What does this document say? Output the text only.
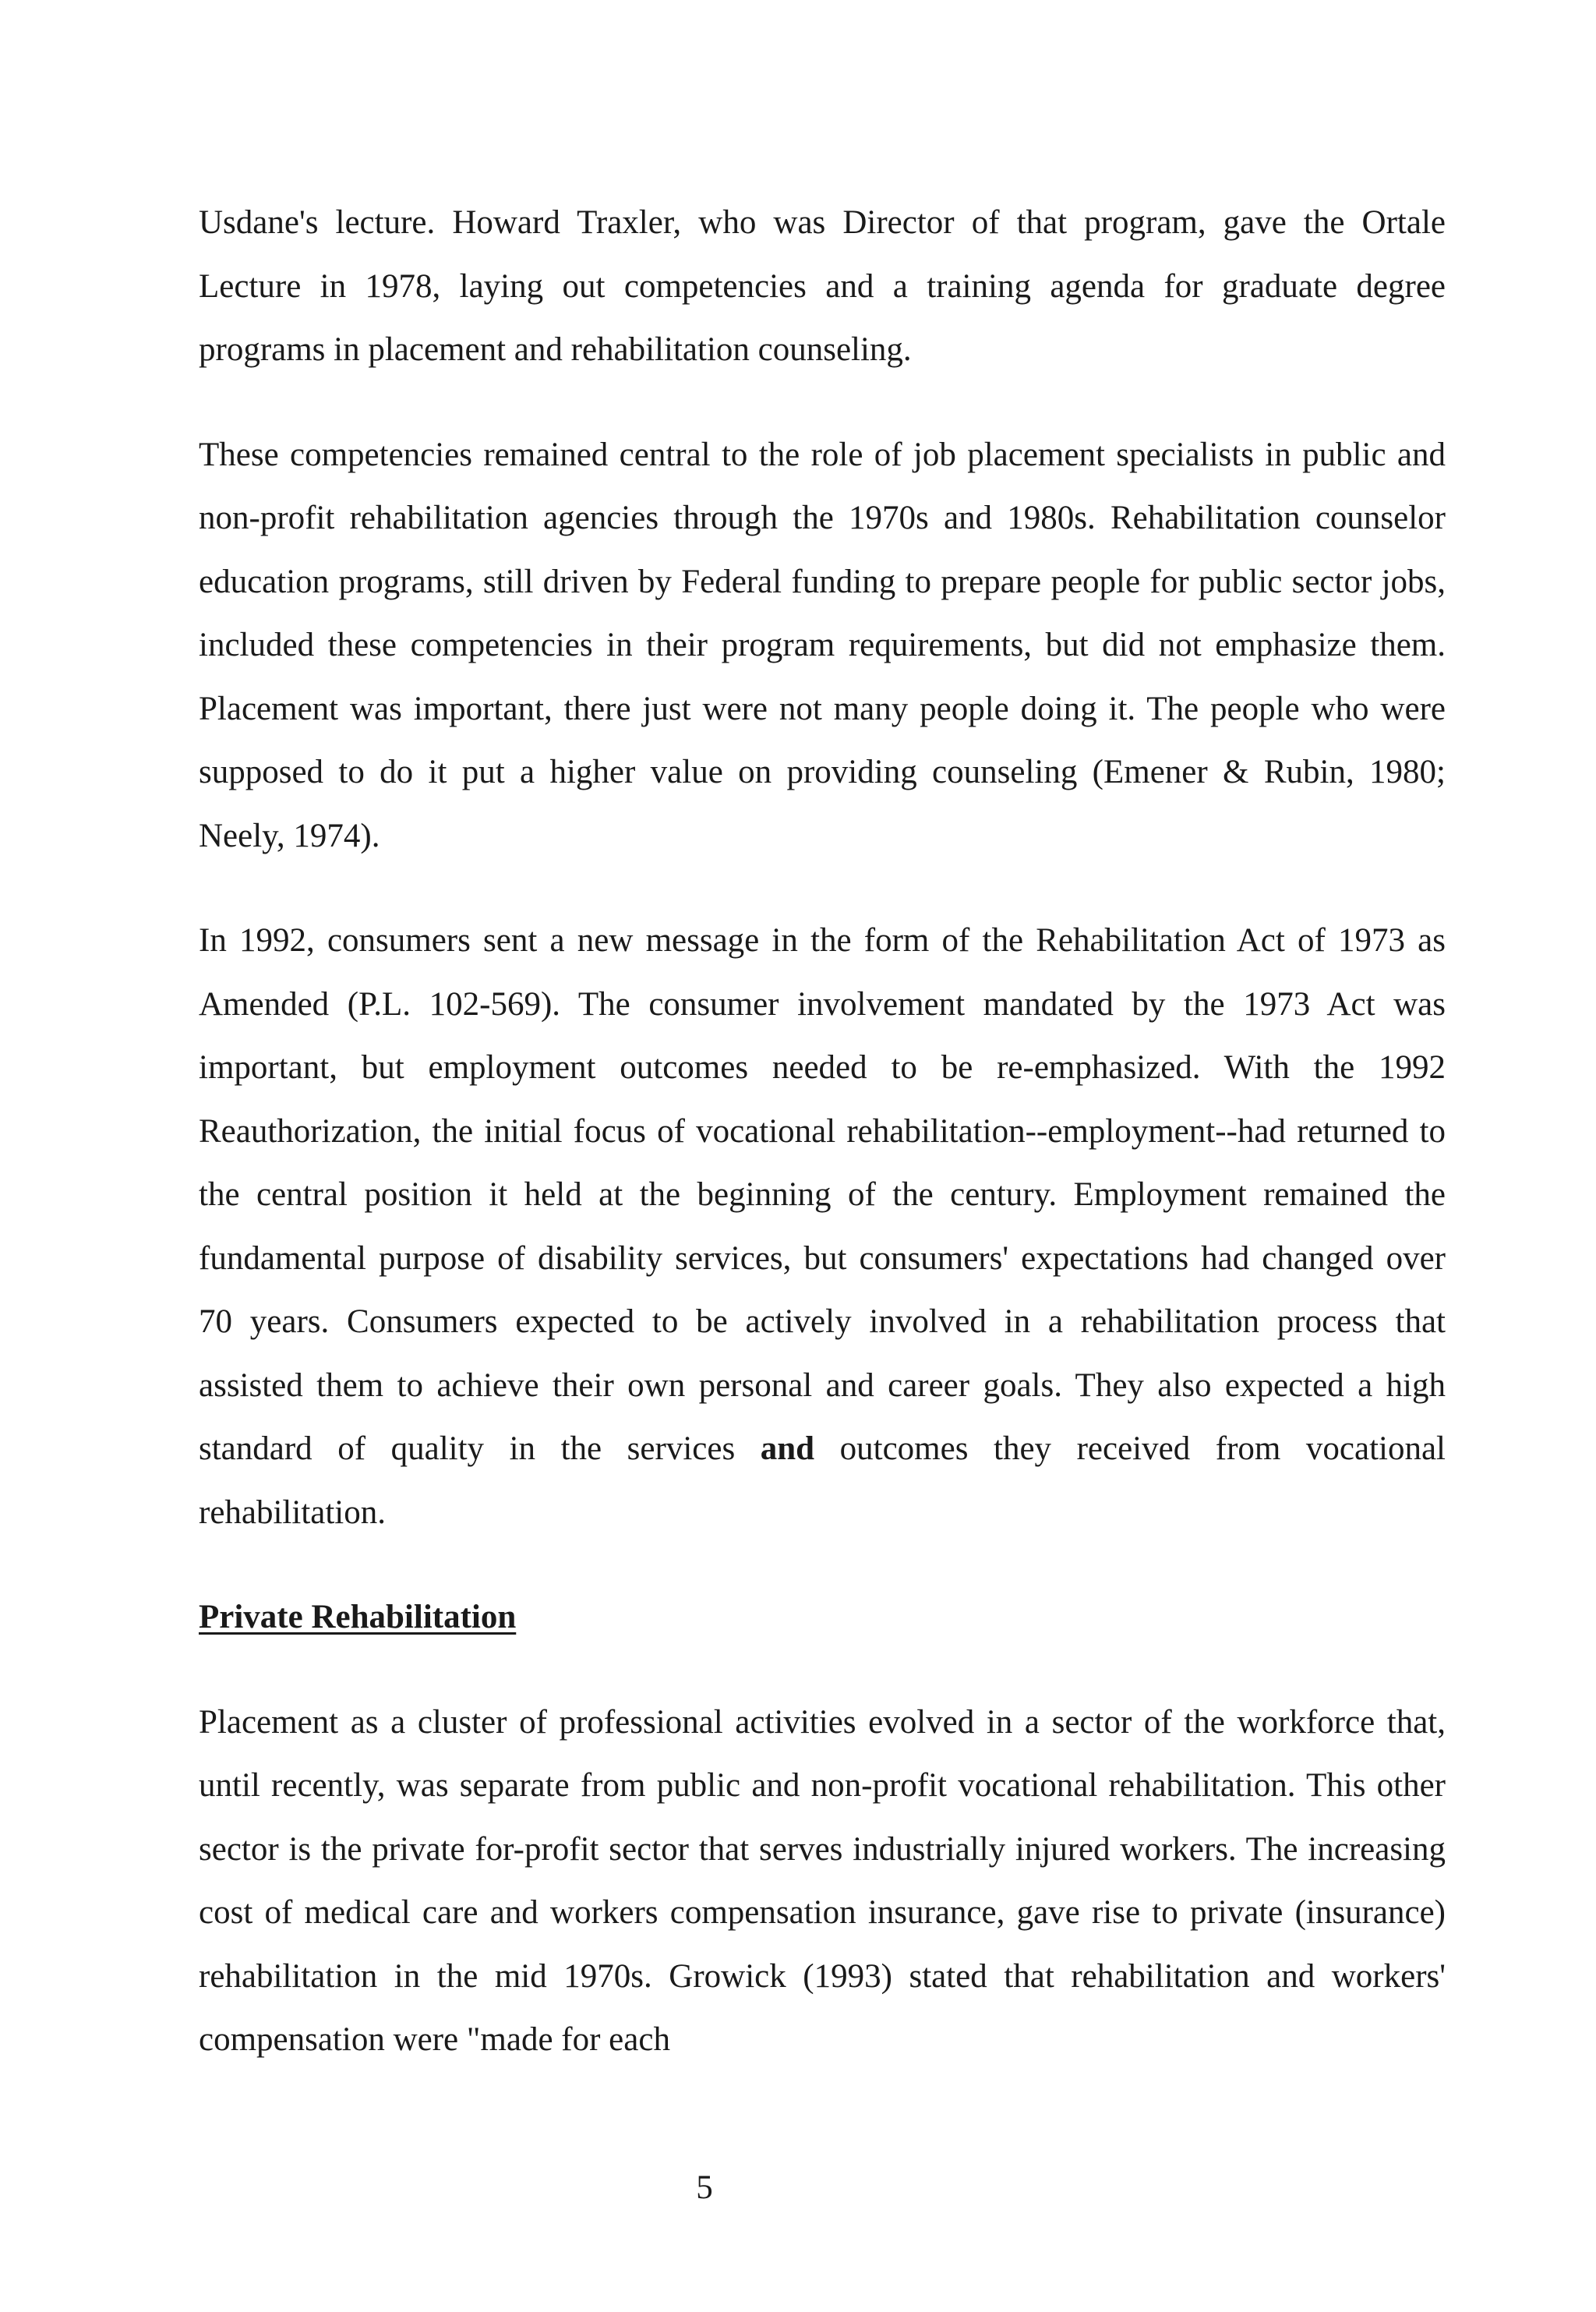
Usdane's lecture. Howard Traxler, who was Director of that program, gave the Ortale Lecture in 1978, laying out competencies and a training agenda for graduate degree programs in placement and rehabilitation counseling.

These competencies remained central to the role of job placement specialists in public and non-profit rehabilitation agencies through the 1970s and 1980s. Rehabilitation counselor education programs, still driven by Federal funding to prepare people for public sector jobs, included these competencies in their program requirements, but did not emphasize them. Placement was important, there just were not many people doing it. The people who were supposed to do it put a higher value on providing counseling (Emener & Rubin, 1980; Neely, 1974).

In 1992, consumers sent a new message in the form of the Rehabilitation Act of 1973 as Amended (P.L. 102-569). The consumer involvement mandated by the 1973 Act was important, but employment outcomes needed to be re-emphasized. With the 1992 Reauthorization, the initial focus of vocational rehabilitation--employment--had returned to the central position it held at the beginning of the century. Employment remained the fundamental purpose of disability services, but consumers' expectations had changed over 70 years. Consumers expected to be actively involved in a rehabilitation process that assisted them to achieve their own personal and career goals. They also expected a high standard of quality in the services and outcomes they received from vocational rehabilitation.

Private Rehabilitation

Placement as a cluster of professional activities evolved in a sector of the workforce that, until recently, was separate from public and non-profit vocational rehabilitation. This other sector is the private for-profit sector that serves industrially injured workers. The increasing cost of medical care and workers compensation insurance, gave rise to private (insurance) rehabilitation in the mid 1970s. Growick (1993) stated that rehabilitation and workers' compensation were "made for each

5
